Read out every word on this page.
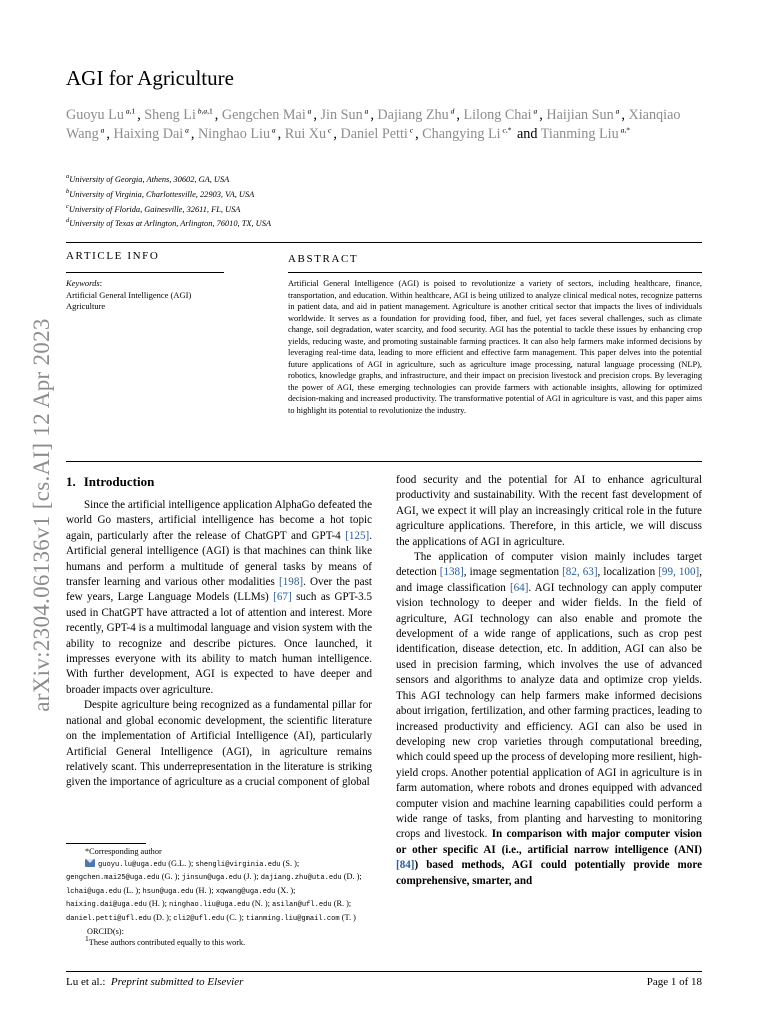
arXiv:2304.06136v1 [cs.AI] 12 Apr 2023
AGI for Agriculture
Guoyu Lu $^{a,1}$ , Sheng Li $^{b,a,1}$ , Gengchen Mai $^a$ , Jin Sun $^a$ , Dajiang Zhu $^d$ , Lilong Chai $^a$ , Haijian Sun $^a$ , Xianqiao Wang $^a$ , Haixing Dai $^a$ , Ninghao Liu $^a$ , Rui Xu $^c$ , Daniel Petti $^c$ , Changying Li $^{c,*}$ and Tianming Liu $^{a,*}$
$^a$University of Georgia, Athens, 30602, GA, USA
$^b$University of Virginia, Charlottesville, 22903, VA, USA
$^c$University of Florida, Gainesville, 32611, FL, USA
$^d$University of Texas at Arlington, Arlington, 76010, TX, USA
ARTICLE INFO	ABSTRACT
Keywords:
Artificial General Intelligence (AGI)
Agriculture

Artificial General Intelligence (AGI) is poised to revolutionize a variety of sectors, including healthcare, finance, transportation, and education. Within healthcare, AGI is being utilized to analyze clinical medical notes, recognize patterns in patient data, and aid in patient management. Agriculture is another critical sector that impacts the lives of individuals worldwide. It serves as a foundation for providing food, fiber, and fuel, yet faces several challenges, such as climate change, soil degradation, water scarcity, and food security. AGI has the potential to tackle these issues by enhancing crop yields, reducing waste, and promoting sustainable farming practices. It can also help farmers make informed decisions by leveraging real-time data, leading to more efficient and effective farm management. This paper delves into the potential future applications of AGI in agriculture, such as agriculture image processing, natural language processing (NLP), robotics, knowledge graphs, and infrastructure, and their impact on precision livestock and precision crops. By leveraging the power of AGI, these emerging technologies can provide farmers with actionable insights, allowing for optimized decision-making and increased productivity. The transformative potential of AGI in agriculture is vast, and this paper aims to highlight its potential to revolutionize the industry.

1. Introduction

Since the artificial intelligence application AlphaGo defeated the world Go masters, artificial intelligence has become a hot topic again, particularly after the release of ChatGPT and GPT-4 [125]. Artificial general intelligence (AGI) is that machines can think like humans and perform a multitude of general tasks by means of transfer learning and various other modalities [198]. Over the past few years, Large Language Models (LLMs) [67] such as GPT-3.5 used in ChatGPT have attracted a lot of attention and interest. More recently, GPT-4 is a multimodal language and vision system with the ability to recognize and describe pictures. Once launched, it impresses everyone with its ability to match human intelligence. With further development, AGI is expected to have deeper and broader impacts over agriculture.

Despite agriculture being recognized as a fundamental pillar for national and global economic development, the scientific literature on the implementation of Artificial Intelligence (AI), particularly Artificial General Intelligence (AGI), in agriculture remains relatively scant. This underrepresentation in the literature is striking given the importance of agriculture as a crucial component of global

food security and the potential for AI to enhance agricultural productivity and sustainability. With the recent fast development of AGI, we expect it will play an increasingly critical role in the future agriculture applications. Therefore, in this article, we will discuss the applications of AGI in agriculture.

The application of computer vision mainly includes target detection [138], image segmentation [82, 63], localization [99, 100], and image classification [64]. AGI technology can apply computer vision technology to deeper and wider fields. In the field of agriculture, AGI technology can also enable and promote the development of a wide range of applications, such as crop pest identification, disease detection, etc. In addition, AGI can also be used in precision farming, which involves the use of advanced sensors and algorithms to analyze data and optimize crop yields. This AGI technology can help farmers make informed decisions about irrigation, fertilization, and other farming practices, leading to increased productivity and efficiency. AGI can also be used in developing new crop varieties through computational breeding, which could speed up the process of developing more resilient, high-yield crops. Another potential application of AGI in agriculture is in farm automation, where robots and drones equipped with advanced computer vision and machine learning capabilities could perform a wide range of tasks, from planting and harvesting to monitoring crops and livestock. In comparison with major computer vision or other specific AI (i.e., artificial narrow intelligence (ANI) [84]) based methods, AGI could potentially provide more comprehensive, smarter, and

*Corresponding author
guoyu.lu@uga.edu (G.L. ); shengli@virginia.edu (S. ); gengchen.mai25@uga.edu (G. ); jinsun@uga.edu (J. ); dajiang.zhu@uta.edu (D. ); lchai@uga.edu (L. ); hsun@uga.edu (H. ); xqwang@uga.edu (X. ); haixing.dai@uga.edu (H. ); ninghao.liu@uga.edu (N. ); asilan@ufl.edu (R. ); daniel.petti@ufl.edu (D. ); cli2@ufl.edu (C. ); tianming.liu@gmail.com (T. )
ORCID(s):
1These authors contributed equally to this work.
Lu et al.: Preprint submitted to Elsevier	Page 1 of 18
